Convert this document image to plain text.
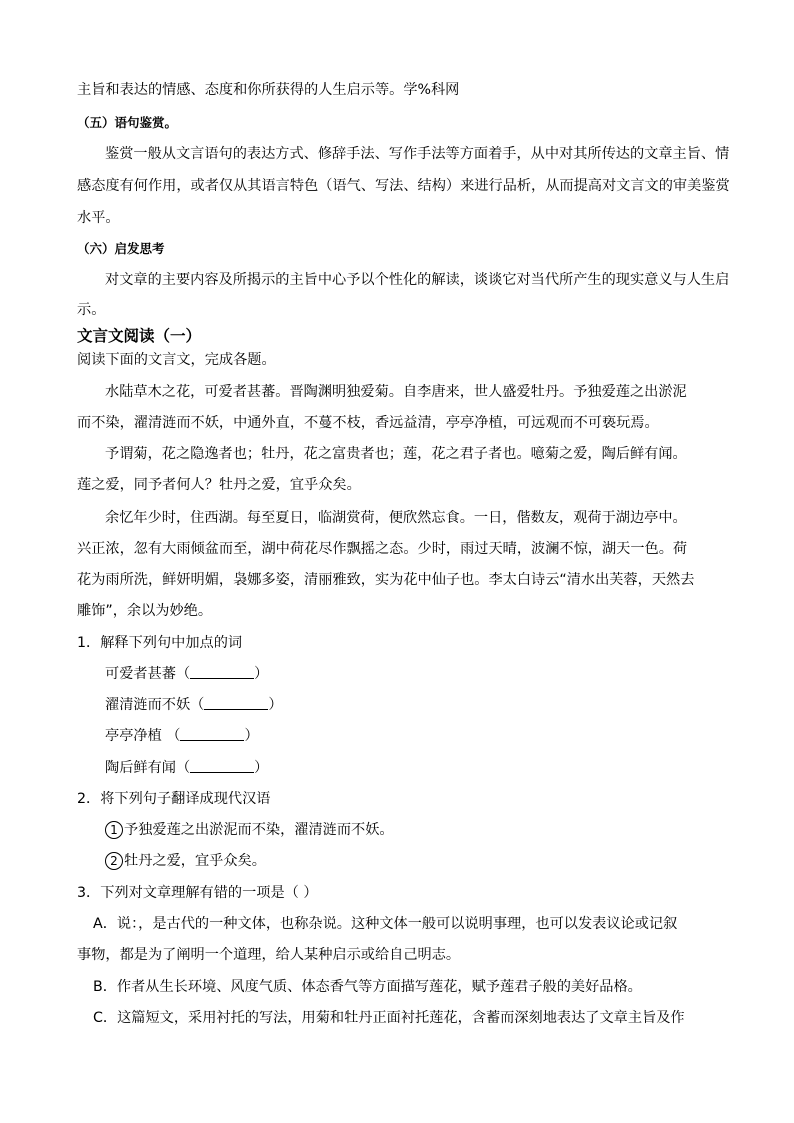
主旨和表达的情感、态度和你所获得的人生启示等。学%科网
（五）语句鉴赏。
鉴赏一般从文言语句的表达方式、修辞手法、写作手法等方面着手，从中对其所传达的文章主旨、情
感态度有何作用，或者仅从其语言特色（语气、写法、结构）来进行品析，从而提高对文言文的审美鉴赏
水平。
（六）启发思考
对文章的主要内容及所揭示的主旨中心予以个性化的解读，谈谈它对当代所产生的现实意义与人生启
示。
文言文阅读（一）
阅读下面的文言文，完成各题。
水陆草木之花，可爱者甚蕃。晋陶渊明独爱菊。自李唐来，世人盛爱牡丹。予独爱莲之出淤泥
而不染，濯清涟而不妖，中通外直，不蔓不枝，香远益清，亭亭净植，可远观而不可亵玩焉。
予谓菊，花之隐逸者也；牡丹，花之富贵者也；莲，花之君子者也。噫菊之爱，陶后鲜有闻。
莲之爱，同予者何人？牡丹之爱，宜乎众矣。
余忆年少时，住西湖。每至夏日，临湖赏荷，便欣然忘食。一日，偕数友，观荷于湖边亭中。
兴正浓，忽有大雨倾盆而至，湖中荷花尽作飘摇之态。少时，雨过天晴，波澜不惊，湖天一色。荷
花为雨所洗，鲜妍明媚，袅娜多姿，清丽雅致，实为花中仙子也。李太白诗云“清水出芙蓉，天然去
雕饰”，余以为妙绝。
1．解释下列句中加点的词
可爱者甚蕃（	）
濯清涟而不妖（	）
亭亭净植 （	）
陶后鲜有闻（	）
2．将下列句子翻译成现代汉语
1 予独爱莲之出淤泥而不染，濯清涟而不妖。
2 牡丹之爱，宜乎众矣。
3．下列对文章理解有错的一项是（ ）
A．说：，是古代的一种文体，也称杂说。这种文体一般可以说明事理，也可以发表议论或记叙
事物，都是为了阐明一个道理，给人某种启示或给自己明志。
B．作者从生长环境、风度气质、体态香气等方面描写莲花，赋予莲君子般的美好品格。
C．这篇短文，采用衬托的写法，用菊和牡丹正面衬托莲花，含蓄而深刻地表达了文章主旨及作
